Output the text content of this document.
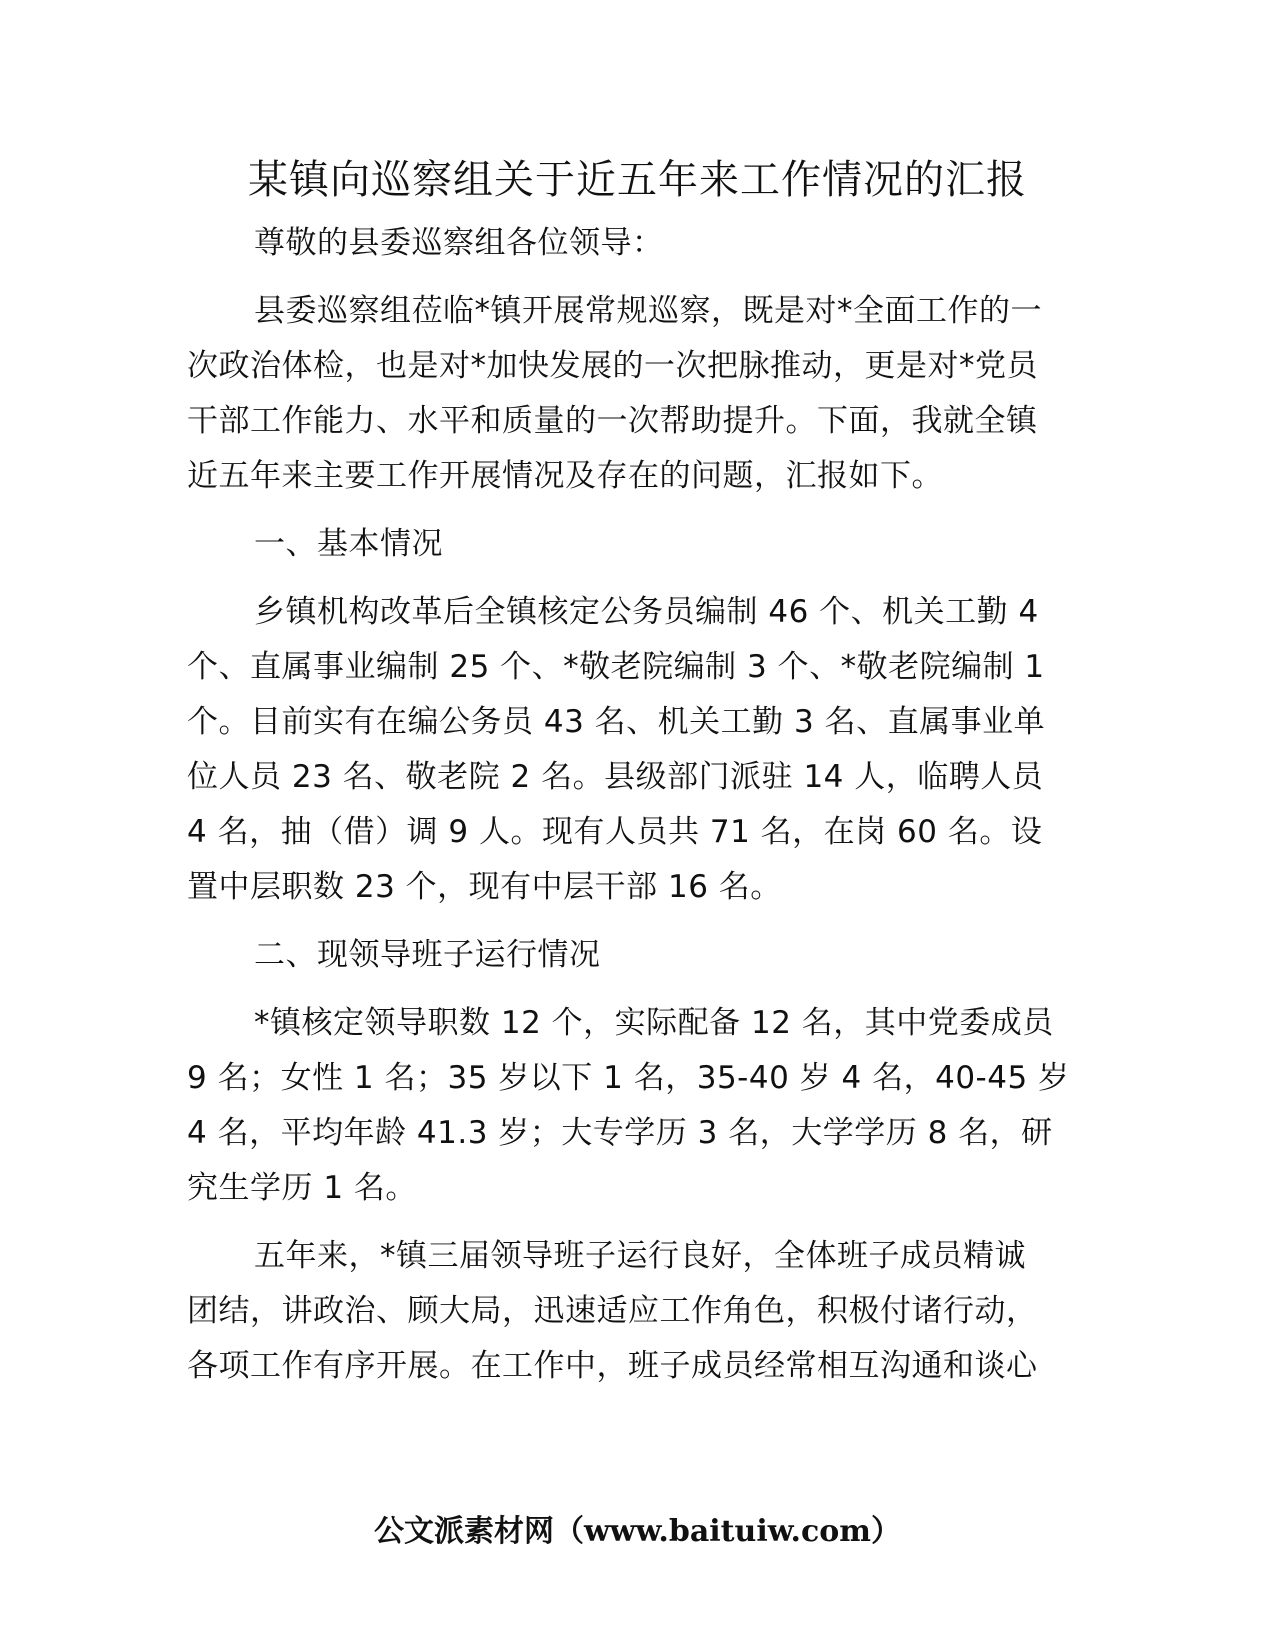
某镇向巡察组关于近五年来工作情况的汇报
尊敬的县委巡察组各位领导：
县委巡察组莅临*镇开展常规巡察，既是对*全面工作的一
次政治体检，也是对*加快发展的一次把脉推动，更是对*党员
干部工作能力、水平和质量的一次帮助提升。下面，我就全镇
近五年来主要工作开展情况及存在的问题，汇报如下。
一、基本情况
乡镇机构改革后全镇核定公务员编制 46 个、机关工勤 4
个、直属事业编制 25 个、*敬老院编制 3 个、*敬老院编制 1
个。目前实有在编公务员 43 名、机关工勤 3 名、直属事业单
位人员 23 名、敬老院 2 名。县级部门派驻 14 人，临聘人员
4 名，抽（借）调 9 人。现有人员共 71 名，在岗 60 名。设
置中层职数 23 个，现有中层干部 16 名。
二、现领导班子运行情况
*镇核定领导职数 12 个，实际配备 12 名，其中党委成员
9 名；女性 1 名；35 岁以下 1 名，35-40 岁 4 名，40-45 岁
4 名，平均年龄 41.3 岁；大专学历 3 名，大学学历 8 名，研
究生学历 1 名。
五年来，*镇三届领导班子运行良好，全体班子成员精诚
团结，讲政治、顾大局，迅速适应工作角色，积极付诸行动，
各项工作有序开展。在工作中，班子成员经常相互沟通和谈心
公文派素材网（www.baituiw.com）
